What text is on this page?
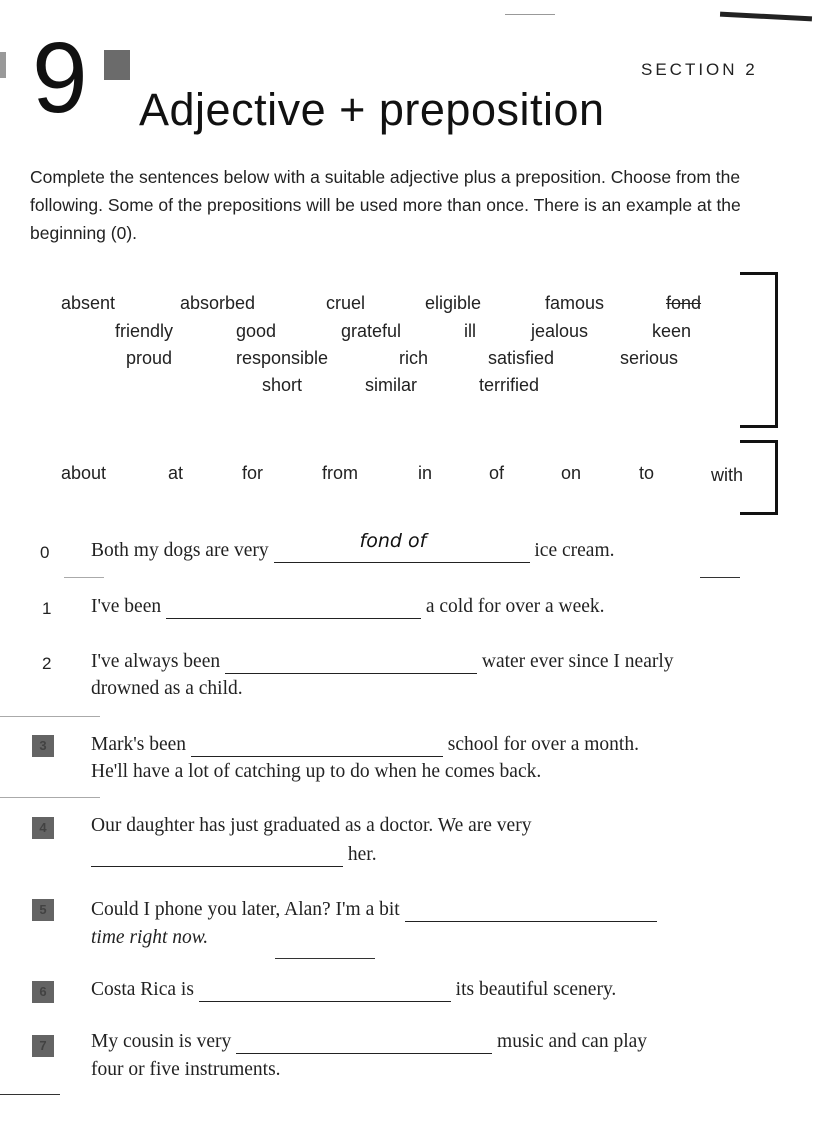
9	SECTION 2
Adjective + preposition
Complete the sentences below with a suitable adjective plus a preposition. Choose from the following. Some of the prepositions will be used more than once. There is an example at the beginning (0).
absent	absorbed	cruel	eligible	famous	fond
friendly	good	grateful	ill	jealous	keen
proud	responsible	rich	satisfied	serious
short	similar	terrified
about	at	for	from	in	of	on	to	with
0 Both my dogs are very	fond of	ice cream.
1 I've been	a cold for over a week.
2 I've always been	water ever since I nearly
drowned as a child.
3	Mark's been	school for over a month.
He'll have a lot of catching up to do when he comes back.
4	Our daughter has just graduated as a doctor. We are very
her.
5	Could I phone you later, Alan? I'm a bit
time right now.
6	Costa Rica is	its beautiful scenery.
7	My cousin is very	music and can play
four or five instruments.
